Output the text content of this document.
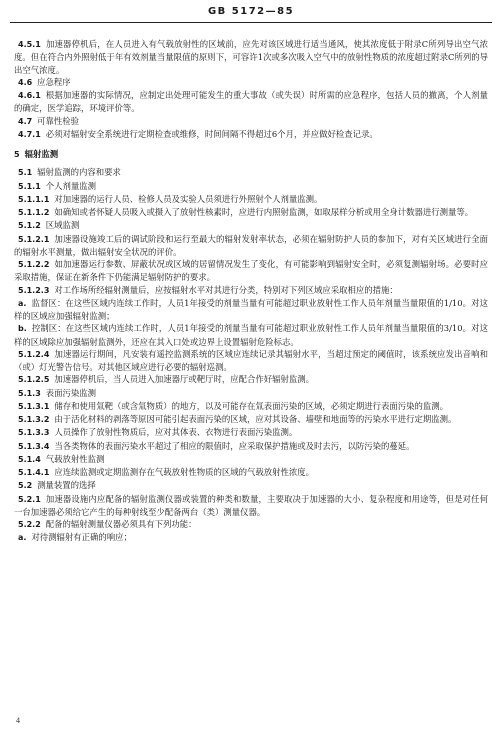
GB 5172—85

4.5.1 加速器停机后，在人员进入有气载放射性的区域前，应先对该区域进行适当通风，使其浓度低于附录C所列导出空气浓度。但在符合内外照射低于年有效剂量当量限值的原则下，可容许1次或多次吸入空气中的放射性物质的浓度超过附录C所列的导出空气浓度。

4.6 应急程序

4.6.1 根据加速器的实际情况，应制定出处理可能发生的重大事故（或失误）时所需的应急程序，包括人员的撤离，个人剂量的确定，医学追踪，环境评价等。

4.7 可靠性检验

4.7.1 必须对辐射安全系统进行定期检查或维修，时间间隔不得超过6个月，并应做好检查记录。

5 辐射监测

5.1 辐射监测的内容和要求

5.1.1 个人剂量监测

5.1.1.1 对加速器的运行人员、检修人员及实验人员须进行外照射个人剂量监测。

5.1.1.2 如确知或者怀疑人员吸入或摄入了放射性核素时，应进行内照射监测，如取尿样分析或用全身计数器进行测量等。

5.1.2 区域监测

5.1.2.1 加速器设施竣工后的调试阶段和运行至最大的辐射发射率状态，必须在辐射防护人员的参加下，对有关区域进行全面的辐射水平测量，做出辐射安全状况的评价。

5.1.2.2 如加速器运行参数、屏蔽状况或区域的居留情况发生了变化，有可能影响到辐射安全时，必须复测辐射场。必要时应采取措施，保证在新条件下仍能满足辐射防护的要求。

5.1.2.3 对工作场所经辐射测量后，应按辐射水平对其进行分类，特别对下列区域应采取相应的措施：

a. 监督区：在这些区域内连续工作时，人员1年接受的剂量当量有可能超过职业放射性工作人员年剂量当量限值的1/10。对这样的区域应加强辐射监测；

b. 控制区：在这些区域内连续工作时，人员1年接受的剂量当量有可能超过职业放射性工作人员年剂量当量限值的3/10。对这样的区域除应加强辐射监测外，还应在其入口处或边界上设置辐射危险标志。

5.1.2.4 加速器运行期间，凡安装有遥控监测系统的区域应连续记录其辐射水平，当超过预定的阈值时，该系统应发出音响和（或）灯光警告信号。对其他区域应进行必要的辐射巡测。

5.1.2.5 加速器停机后，当人员进入加速器厅或靶厅时，应配合作好辐射监测。

5.1.3 表面污染监测

5.1.3.1 储存和使用氚靶（或含氚物质）的地方，以及可能存在氚表面污染的区域，必须定期进行表面污染的监测。

5.1.3.2 由于活化材料的剥落等原因可能引起表面污染的区域，应对其设备、墙壁和地面等的污染水平进行定期监测。

5.1.3.3 人员操作了放射性物质后，应对其体表、衣物进行表面污染监测。

5.1.3.4 当各类物体的表面污染水平超过了相应的限值时，应采取保护措施或及时去污，以防污染的蔓延。

5.1.4 气载放射性监测

5.1.4.1 应连续监测或定期监测存在气载放射性物质的区域的气载放射性浓度。

5.2 测量装置的选择

5.2.1 加速器设施内应配备的辐射监测仪器或装置的种类和数量，主要取决于加速器的大小、复杂程度和用途等，但是对任何一台加速器必须给它产生的每种射线至少配备两台（类）测量仪器。

5.2.2 配备的辐射测量仪器必须具有下列功能：

a. 对待测辐射有正确的响应；

4
